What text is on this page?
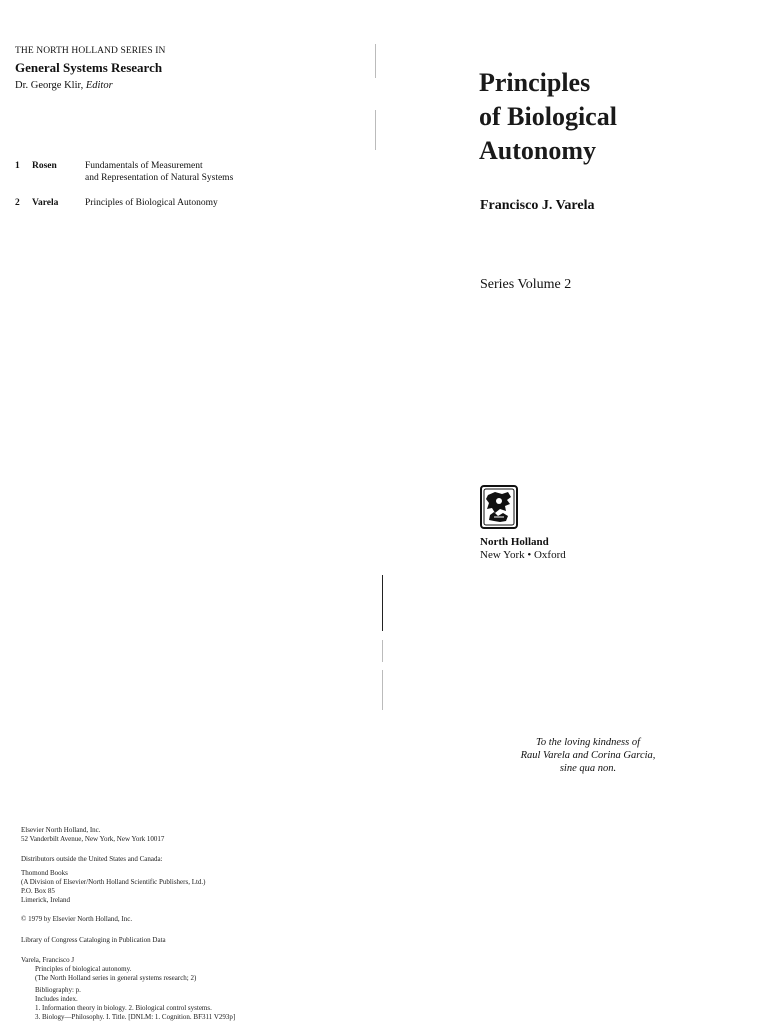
THE NORTH HOLLAND SERIES IN
General Systems Research
Dr. George Klir, Editor
1 Rosen	Fundamentals of Measurement
and Representation of Natural Systems
2 Varela	Principles of Biological Autonomy
Principles
of Biological
Autonomy
Francisco J. Varela
Series Volume 2
North Holland
New York • Oxford
To the loving kindness of
Raul Varela and Corina Garcia,
sine qua non.
Elsevier North Holland, Inc.
52 Vanderbilt Avenue, New York, New York 10017
Distributors outside the United States and Canada:
Thomond Books
(A Division of Elsevier/North Holland Scientific Publishers, Ltd.)
P.O. Box 85
Limerick, Ireland
© 1979 by Elsevier North Holland, Inc.
Library of Congress Cataloging in Publication Data
Varela, Francisco J
Principles of biological autonomy.
(The North Holland series in general systems research; 2)
Bibliography: p.
Includes index.
1. Information theory in biology. 2. Biological control systems.
3. Biology—Philosophy. I. Title. [DNLM: 1. Cognition. BF311 V293p]
